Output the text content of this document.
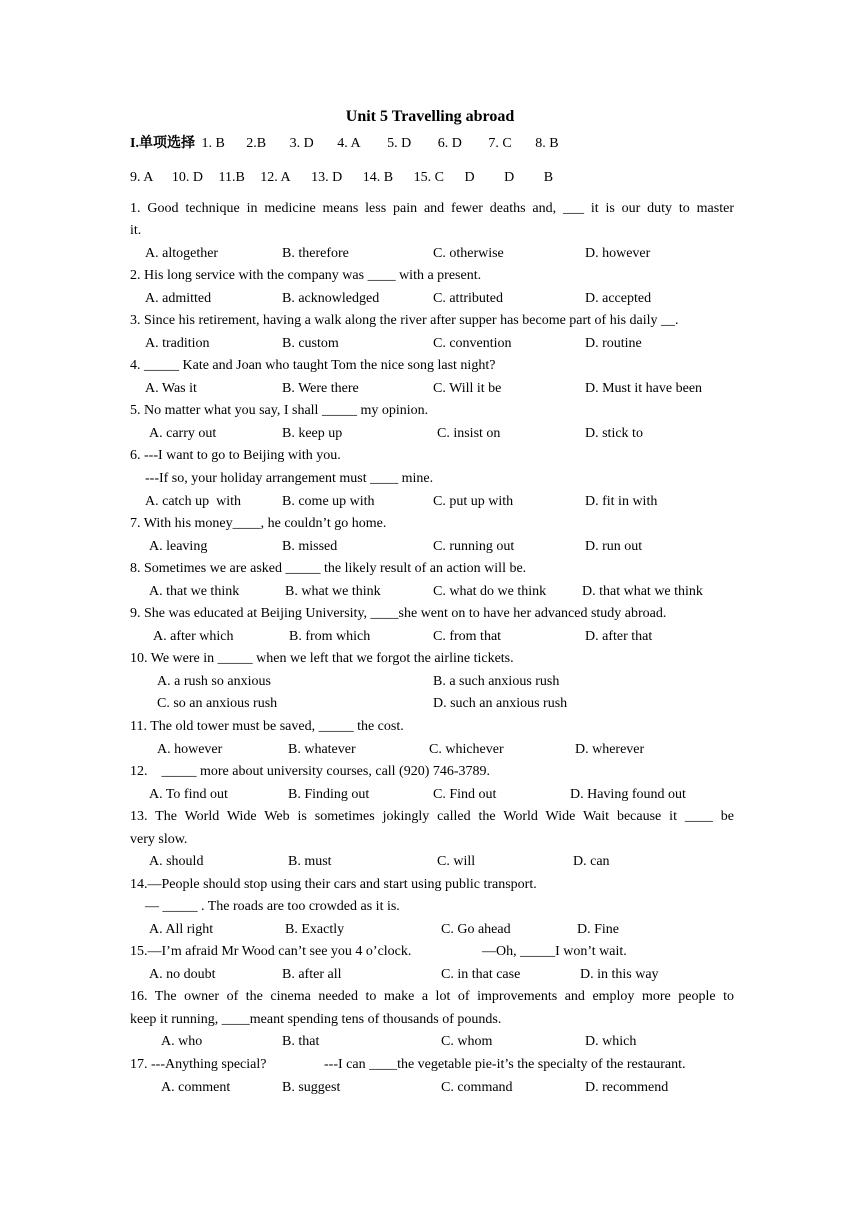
Unit 5 Travelling abroad
I.单项选择 1. B 2.B 3. D 4. A 5. D 6. D 7. C 8. B
9. A 10. D 11.B 12. A 13. D 14. B 15. C D D B
1. Good technique in medicine means less pain and fewer deaths and, ___ it is our duty to master
it.
A. altogether	B. therefore	C. otherwise	D. however
2. His long service with the company was ____ with a present.
A. admitted	B. acknowledged	C. attributed	D. accepted
3. Since his retirement, having a walk along the river after supper has become part of his daily __.
A. tradition	B. custom	C. convention	D. routine
4. _____ Kate and Joan who taught Tom the nice song last night?
A. Was it	B. Were there	C. Will it be	D. Must it have been
5. No matter what you say, I shall _____ my opinion.
A. carry out	B. keep up	C. insist on	D. stick to
6. ---I want to go to Beijing with you.
---If so, your holiday arrangement must ____ mine.
A. catch up  with	B. come up with	C. put up with	D. fit in with
7. With his money____, he couldn’t go home.
A. leaving	B. missed	C. running out	D. run out
8. Sometimes we are asked _____ the likely result of an action will be.
A. that we think	B. what we think	C. what do we think	D. that what we think
9. She was educated at Beijing University, ____she went on to have her advanced study abroad.
A. after which	B. from which	C. from that	D. after that
10. We were in _____ when we left that we forgot the airline tickets.
A. a rush so anxious	B. a such anxious rush
C. so an anxious rush	D. such an anxious rush
11. The old tower must be saved, _____ the cost.
A. however	B. whatever	C. whichever	D. wherever
12.    _____ more about university courses, call (920) 746-3789.
A. To find out	B. Finding out	C. Find out	D. Having found out
13. The World Wide Web is sometimes jokingly called the World Wide Wait because it ____ be
very slow.
A. should	B. must	C. will	D. can
14.—People should stop using their cars and start using public transport.
— _____ . The roads are too crowded as it is.
A. All right	B. Exactly	C. Go ahead	D. Fine
15.—I’m afraid Mr Wood can’t see you 4 o’clock.	—Oh, _____I won’t wait.
A. no doubt	B. after all	C. in that case	D. in this way
16. The owner of the cinema needed to make a lot of improvements and employ more people to
keep it running, ____meant spending tens of thousands of pounds.
A. who	B. that	C. whom	D. which
17. ---Anything special?	---I can ____the vegetable pie-it’s the specialty of the restaurant.
A. comment	B. suggest	C. command	D. recommend
